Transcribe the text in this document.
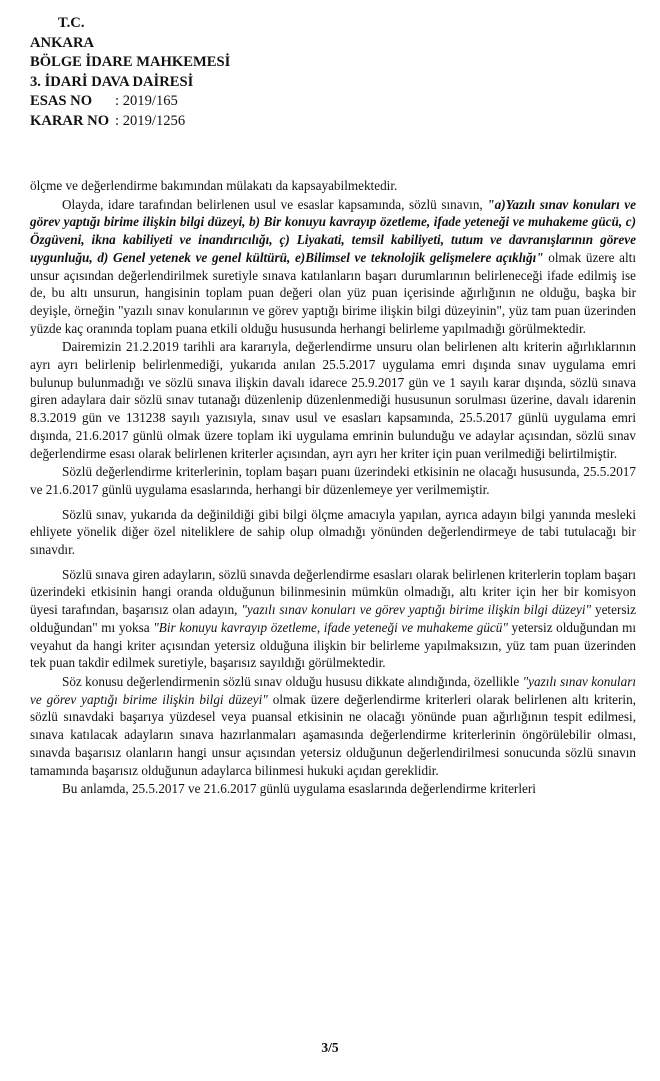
T.C.
ANKARA
BÖLGE İDARE MAHKEMESİ
3. İDARİ DAVA DAİRESİ
ESAS NO	: 2019/165
KARAR NO : 2019/1256

ölçme ve değerlendirme bakımından mülakatı da kapsayabilmektedir.

Olayda, idare tarafından belirlenen usul ve esaslar kapsamında, sözlü sınavın, "a)Yazılı sınav konuları ve görev yaptığı birime ilişkin bilgi düzeyi, b) Bir konuyu kavrayıp özetleme, ifade yeteneği ve muhakeme gücü, c) Özgüveni, ikna kabiliyeti ve inandırıcılığı, ç) Liyakati, temsil kabiliyeti, tutum ve davranışlarının göreve uygunluğu, d) Genel yetenek ve genel kültürü, e)Bilimsel ve teknolojik gelişmelere açıklığı" olmak üzere altı unsur açısından değerlendirilmek suretiyle sınava katılanların başarı durumlarının belirleneceği ifade edilmiş ise de, bu altı unsurun, hangisinin toplam puan değeri olan yüz puan içerisinde ağırlığının ne olduğu, başka bir deyişle, örneğin "yazılı sınav konularının ve görev yaptığı birime ilişkin bilgi düzeyinin", yüz tam puan üzerinden yüzde kaç oranında toplam puana etkili olduğu hususunda herhangi belirleme yapılmadığı görülmektedir.

Dairemizin 21.2.2019 tarihli ara kararıyla, değerlendirme unsuru olan belirlenen altı kriterin ağırlıklarının ayrı ayrı belirlenip belirlenmediği, yukarıda anılan 25.5.2017 uygulama emri dışında sınav uygulama emri bulunup bulunmadığı ve sözlü sınava ilişkin davalı idarece 25.9.2017 gün ve 1 sayılı karar dışında, sözlü sınava giren adaylara dair sözlü sınav tutanağı düzenlenip düzenlenmediği hususunun sorulması üzerine, davalı idarenin 8.3.2019 gün ve 131238 sayılı yazısıyla, sınav usul ve esasları kapsamında, 25.5.2017 günlü uygulama emri dışında, 21.6.2017 günlü olmak üzere toplam iki uygulama emrinin bulunduğu ve adaylar açısından, sözlü sınav değerlendirme esası olarak belirlenen kriterler açısından, ayrı ayrı her kriter için puan verilmediği belirtilmiştir.

Sözlü değerlendirme kriterlerinin, toplam başarı puanı üzerindeki etkisinin ne olacağı hususunda, 25.5.2017 ve 21.6.2017 günlü uygulama esaslarında, herhangi bir düzenlemeye yer verilmemiştir.

Sözlü sınav, yukarıda da değinildiği gibi bilgi ölçme amacıyla yapılan, ayrıca adayın bilgi yanında mesleki ehliyete yönelik diğer özel niteliklere de sahip olup olmadığı yönünden değerlendirmeye de tabi tutulacağı bir sınavdır.

Sözlü sınava giren adayların, sözlü sınavda değerlendirme esasları olarak belirlenen kriterlerin toplam başarı üzerindeki etkisinin hangi oranda olduğunun bilinmesinin mümkün olmadığı, altı kriter için her bir komisyon üyesi tarafından, başarısız olan adayın, "yazılı sınav konuları ve görev yaptığı birime ilişkin bilgi düzeyi" yetersiz olduğundan" mı yoksa "Bir konuyu kavrayıp özetleme, ifade yeteneği ve muhakeme gücü" yetersiz olduğundan mı veyahut da hangi kriter açısından yetersiz olduğuna ilişkin bir belirleme yapılmaksızın, yüz tam puan üzerinden tek puan takdir edilmek suretiyle, başarısız sayıldığı görülmektedir.

Söz konusu değerlendirmenin sözlü sınav olduğu hususu dikkate alındığında, özellikle "yazılı sınav konuları ve görev yaptığı birime ilişkin bilgi düzeyi" olmak üzere değerlendirme kriterleri olarak belirlenen altı kriterin, sözlü sınavdaki başarıya yüzdesel veya puansal etkisinin ne olacağı yönünde puan ağırlığının tespit edilmesi, sınava katılacak adayların sınava hazırlanmaları aşamasında değerlendirme kriterlerinin öngörülebilir olması, sınavda başarısız olanların hangi unsur açısından yetersiz olduğunun değerlendirilmesi sonucunda sözlü sınavın tamamında başarısız olduğunun adaylarca bilinmesi hukuki açıdan gereklidir.

Bu anlamda, 25.5.2017 ve 21.6.2017 günlü uygulama esaslarında değerlendirme kriterleri

3/5
